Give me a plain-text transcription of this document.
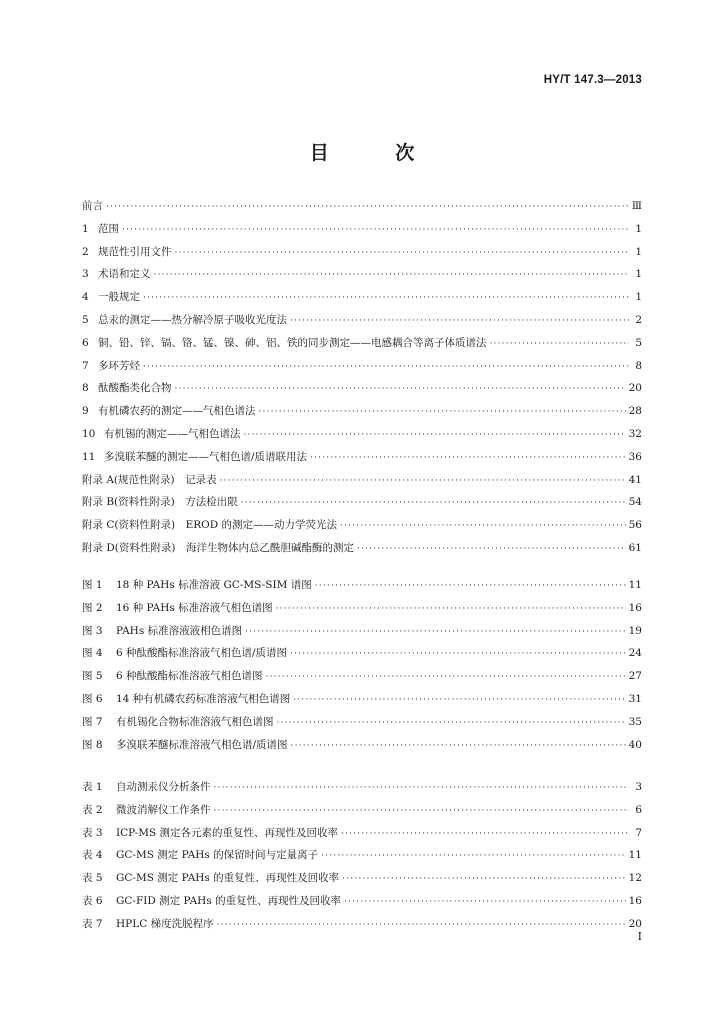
HY/T 147.3—2013
目 次
前言 ·····	Ⅲ
1 范围 ·····	1
2 规范性引用文件 ·····	1
3 术语和定义 ·····	1
4 一般规定 ·····	1
5 总汞的测定——热分解冷原子吸收光度法 ·····	2
6 铜、铅、锌、镉、铬、锰、镍、砷、铝、铁的同步测定——电感耦合等离子体质谱法 ·····	5
7 多环芳烃 ·····	8
8 酞酸酯类化合物 ·····	20
9 有机磷农药的测定——气相色谱法 ·····	28
10 有机锡的测定——气相色谱法 ·····	32
11 多溴联苯醚的测定——气相色谱/质谱联用法 ·····	36
附录 A(规范性附录)　记录表 ·····	41
附录 B(资料性附录)　方法检出限 ·····	54
附录 C(资料性附录)　EROD 的测定——动力学荧光法 ·····	56
附录 D(资料性附录)　海洋生物体内总乙酰胆碱酯酶的测定 ·····	61
图 1	18 种 PAHs 标准溶液 GC-MS-SIM 谱图 ·····	11
图 2	16 种 PAHs 标准溶液气相色谱图 ·····	16
图 3	PAHs 标准溶液液相色谱图 ·····	19
图 4	6 种酞酸酯标准溶液气相色谱/质谱图 ·····	24
图 5	6 种酞酸酯标准溶液气相色谱图 ·····	27
图 6	14 种有机磷农药标准溶液气相色谱图 ·····	31
图 7	有机锡化合物标准溶液气相色谱图 ·····	35
图 8	多溴联苯醚标准溶液气相色谱/质谱图 ·····	40
表 1	自动测汞仪分析条件 ·····	3
表 2	微波消解仪工作条件 ·····	6
表 3	ICP-MS 测定各元素的重复性、再现性及回收率 ·····	7
表 4	GC-MS 测定 PAHs 的保留时间与定量离子 ·····	11
表 5	GC-MS 测定 PAHs 的重复性、再现性及回收率 ·····	12
表 6	GC-FID 测定 PAHs 的重复性、再现性及回收率 ·····	16
表 7	HPLC 梯度洗脱程序 ·····	20
I
